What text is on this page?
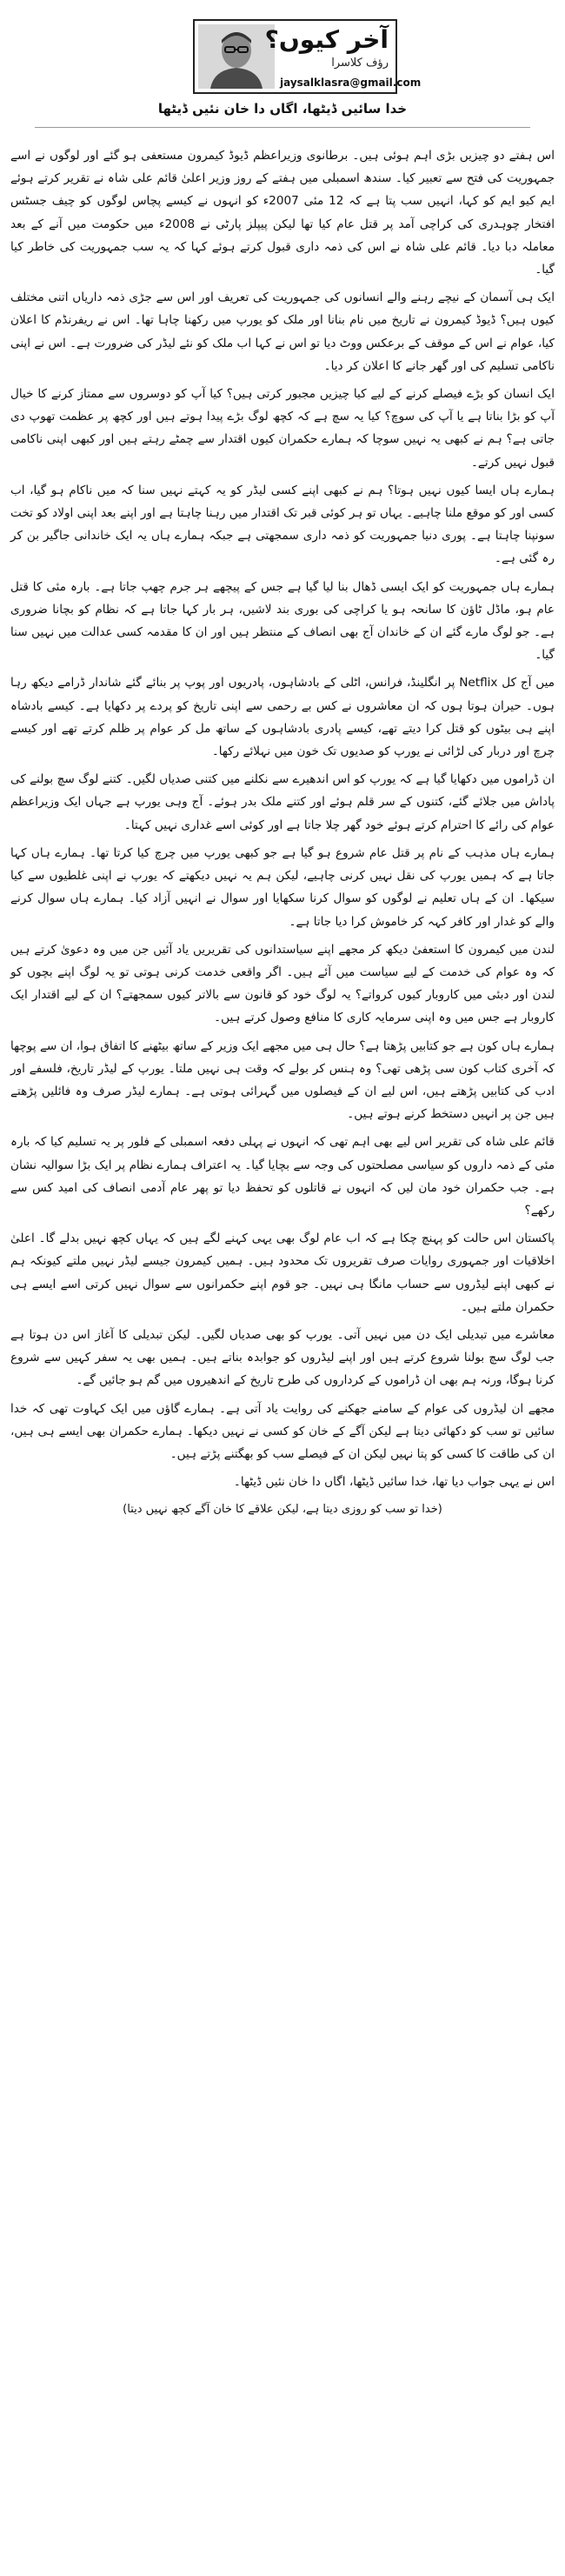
آخر کیوں؟
رؤف کلاسرا
jaysalklasra@gmail.com
خدا سائیں ڈیٹھا، اگاں دا خان نئیں ڈیٹھا

اس ہفتے دو چیزیں بڑی اہم ہوئی ہیں۔ برطانوی وزیراعظم ڈیوڈ کیمرون مستعفی ہو گئے اور لوگوں نے اسے جمہوریت کی فتح سے تعبیر کیا۔ سندھ اسمبلی میں ہفتے کے روز وزیر اعلیٰ قائم علی شاہ نے تقریر کرتے ہوئے ایم کیو ایم کو کہا، انہیں سب پتا ہے کہ 12 مئی 2007ء کو انہوں نے کیسے پچاس لوگوں کو چیف جسٹس افتخار چوہدری کی کراچی آمد پر قتل عام کیا تھا لیکن پیپلز پارٹی نے 2008ء میں حکومت میں آنے کے بعد معاملہ دبا دیا۔ قائم علی شاہ نے اس کی ذمہ داری قبول کرتے ہوئے کہا کہ یہ سب جمہوریت کی خاطر کیا گیا۔

ایک ہی آسمان کے نیچے رہنے والے انسانوں کی جمہوریت کی تعریف اور اس سے جڑی ذمہ داریاں اتنی مختلف کیوں ہیں؟ ڈیوڈ کیمرون نے تاریخ میں نام بنانا اور ملک کو یورپ میں رکھنا چاہا تھا۔ اس نے ریفرنڈم کا اعلان کیا، عوام نے اس کے موقف کے برعکس ووٹ دیا تو اس نے کہا اب ملک کو نئے لیڈر کی ضرورت ہے۔ اس نے اپنی ناکامی تسلیم کی اور گھر جانے کا اعلان کر دیا۔

ایک انسان کو بڑے فیصلے کرنے کے لیے کیا چیزیں مجبور کرتی ہیں؟ کیا آپ کو دوسروں سے ممتاز کرنے کا خیال آپ کو بڑا بناتا ہے یا آپ کی سوچ؟ کیا یہ سچ ہے کہ کچھ لوگ بڑے پیدا ہوتے ہیں اور کچھ پر عظمت تھوپ دی جاتی ہے؟ ہم نے کبھی یہ نہیں سوچا کہ ہمارے حکمران کیوں اقتدار سے چمٹے رہتے ہیں اور کبھی اپنی ناکامی قبول نہیں کرتے۔

ہمارے ہاں ایسا کیوں نہیں ہوتا؟ ہم نے کبھی اپنے کسی لیڈر کو یہ کہتے نہیں سنا کہ میں ناکام ہو گیا، اب کسی اور کو موقع ملنا چاہیے۔ یہاں تو ہر کوئی قبر تک اقتدار میں رہنا چاہتا ہے اور اپنے بعد اپنی اولاد کو تخت سونپنا چاہتا ہے۔ پوری دنیا جمہوریت کو ذمہ داری سمجھتی ہے جبکہ ہمارے ہاں یہ ایک خاندانی جاگیر بن کر رہ گئی ہے۔

ہمارے ہاں جمہوریت کو ایک ایسی ڈھال بنا لیا گیا ہے جس کے پیچھے ہر جرم چھپ جاتا ہے۔ بارہ مئی کا قتل عام ہو، ماڈل ٹاؤن کا سانحہ ہو یا کراچی کی بوری بند لاشیں، ہر بار کہا جاتا ہے کہ نظام کو بچانا ضروری ہے۔ جو لوگ مارے گئے ان کے خاندان آج بھی انصاف کے منتظر ہیں اور ان کا مقدمہ کسی عدالت میں نہیں سنا گیا۔

میں آج کل Netflix پر انگلینڈ، فرانس، اٹلی کے بادشاہوں، پادریوں اور پوپ پر بنائے گئے شاندار ڈرامے دیکھ رہا ہوں۔ حیران ہوتا ہوں کہ ان معاشروں نے کس بے رحمی سے اپنی تاریخ کو پردے پر دکھایا ہے۔ کیسے بادشاہ اپنے ہی بیٹوں کو قتل کرا دیتے تھے، کیسے پادری بادشاہوں کے ساتھ مل کر عوام پر ظلم کرتے تھے اور کیسے چرچ اور دربار کی لڑائی نے یورپ کو صدیوں تک خون میں نہلائے رکھا۔

ان ڈراموں میں دکھایا گیا ہے کہ یورپ کو اس اندھیرے سے نکلنے میں کتنی صدیاں لگیں۔ کتنے لوگ سچ بولنے کی پاداش میں جلائے گئے، کتنوں کے سر قلم ہوئے اور کتنے ملک بدر ہوئے۔ آج وہی یورپ ہے جہاں ایک وزیراعظم عوام کی رائے کا احترام کرتے ہوئے خود گھر چلا جاتا ہے اور کوئی اسے غداری نہیں کہتا۔

ہمارے ہاں مذہب کے نام پر قتل عام شروع ہو گیا ہے جو کبھی یورپ میں چرچ کیا کرتا تھا۔ ہمارے ہاں کہا جاتا ہے کہ ہمیں یورپ کی نقل نہیں کرنی چاہیے، لیکن ہم یہ نہیں دیکھتے کہ یورپ نے اپنی غلطیوں سے کیا سیکھا۔ ان کے ہاں تعلیم نے لوگوں کو سوال کرنا سکھایا اور سوال نے انہیں آزاد کیا۔ ہمارے ہاں سوال کرنے والے کو غدار اور کافر کہہ کر خاموش کرا دیا جاتا ہے۔

لندن میں کیمرون کا استعفیٰ دیکھ کر مجھے اپنے سیاستدانوں کی تقریریں یاد آئیں جن میں وہ دعویٰ کرتے ہیں کہ وہ عوام کی خدمت کے لیے سیاست میں آئے ہیں۔ اگر واقعی خدمت کرنی ہوتی تو یہ لوگ اپنے بچوں کو لندن اور دبئی میں کاروبار کیوں کرواتے؟ یہ لوگ خود کو قانون سے بالاتر کیوں سمجھتے؟ ان کے لیے اقتدار ایک کاروبار ہے جس میں وہ اپنی سرمایہ کاری کا منافع وصول کرتے ہیں۔

ہمارے ہاں کون ہے جو کتابیں پڑھتا ہے؟ حال ہی میں مجھے ایک وزیر کے ساتھ بیٹھنے کا اتفاق ہوا، ان سے پوچھا کہ آخری کتاب کون سی پڑھی تھی؟ وہ ہنس کر بولے کہ وقت ہی نہیں ملتا۔ یورپ کے لیڈر تاریخ، فلسفے اور ادب کی کتابیں پڑھتے ہیں، اس لیے ان کے فیصلوں میں گہرائی ہوتی ہے۔ ہمارے لیڈر صرف وہ فائلیں پڑھتے ہیں جن پر انہیں دستخط کرنے ہوتے ہیں۔

قائم علی شاہ کی تقریر اس لیے بھی اہم تھی کہ انہوں نے پہلی دفعہ اسمبلی کے فلور پر یہ تسلیم کیا کہ بارہ مئی کے ذمہ داروں کو سیاسی مصلحتوں کی وجہ سے بچایا گیا۔ یہ اعتراف ہمارے نظام پر ایک بڑا سوالیہ نشان ہے۔ جب حکمران خود مان لیں کہ انہوں نے قاتلوں کو تحفظ دیا تو پھر عام آدمی انصاف کی امید کس سے رکھے؟

پاکستان اس حالت کو پہنچ چکا ہے کہ اب عام لوگ بھی یہی کہنے لگے ہیں کہ یہاں کچھ نہیں بدلے گا۔ اعلیٰ اخلاقیات اور جمہوری روایات صرف تقریروں تک محدود ہیں۔ ہمیں کیمرون جیسے لیڈر نہیں ملتے کیونکہ ہم نے کبھی اپنے لیڈروں سے حساب مانگا ہی نہیں۔ جو قوم اپنے حکمرانوں سے سوال نہیں کرتی اسے ایسے ہی حکمران ملتے ہیں۔

معاشرے میں تبدیلی ایک دن میں نہیں آتی۔ یورپ کو بھی صدیاں لگیں۔ لیکن تبدیلی کا آغاز اس دن ہوتا ہے جب لوگ سچ بولنا شروع کرتے ہیں اور اپنے لیڈروں کو جوابدہ بناتے ہیں۔ ہمیں بھی یہ سفر کہیں سے شروع کرنا ہوگا، ورنہ ہم بھی ان ڈراموں کے کرداروں کی طرح تاریخ کے اندھیروں میں گم ہو جائیں گے۔

مجھے ان لیڈروں کی عوام کے سامنے جھکنے کی روایت یاد آتی ہے۔ ہمارے گاؤں میں ایک کہاوت تھی کہ خدا سائیں تو سب کو دکھائی دیتا ہے لیکن آگے کے خان کو کسی نے نہیں دیکھا۔ ہمارے حکمران بھی ایسے ہی ہیں، ان کی طاقت کا کسی کو پتا نہیں لیکن ان کے فیصلے سب کو بھگتنے پڑتے ہیں۔

اس نے یہی جواب دیا تھا، خدا سائیں ڈیٹھا، اگاں دا خان نئیں ڈیٹھا۔

(خدا تو سب کو روزی دیتا ہے، لیکن علاقے کا خان آگے کچھ نہیں دیتا)
